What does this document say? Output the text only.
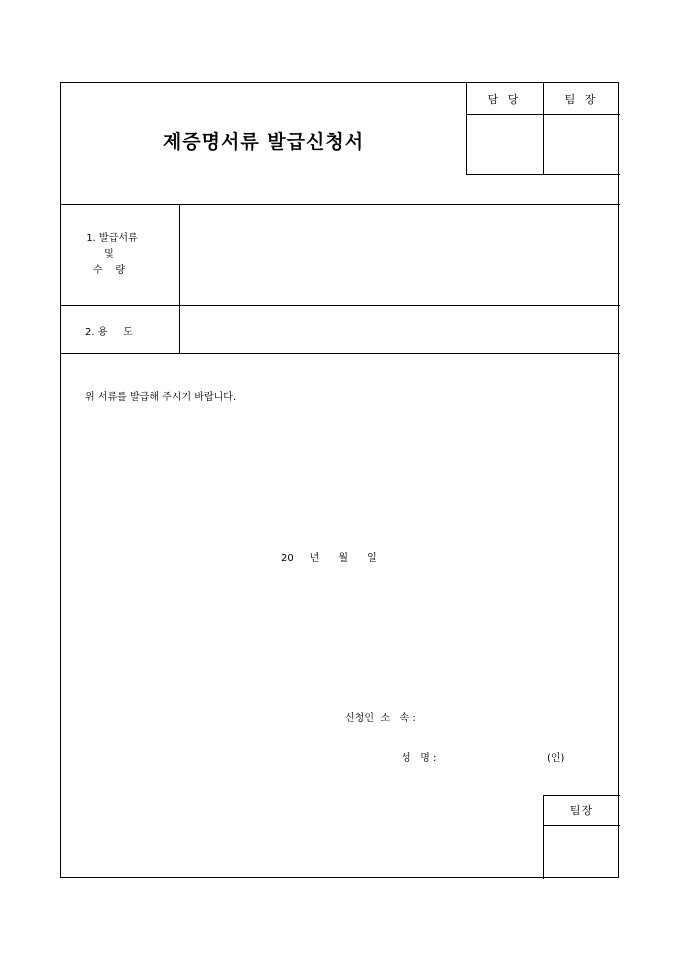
제증명서류 발급신청서
담 당	팀 장
1. 발급서류
및
수    량
2. 용     도
위 서류를 발급해 주시기 바랍니다.
20     년      월      일
신청인  소   속 :
성   명 :	(인)
팀장
